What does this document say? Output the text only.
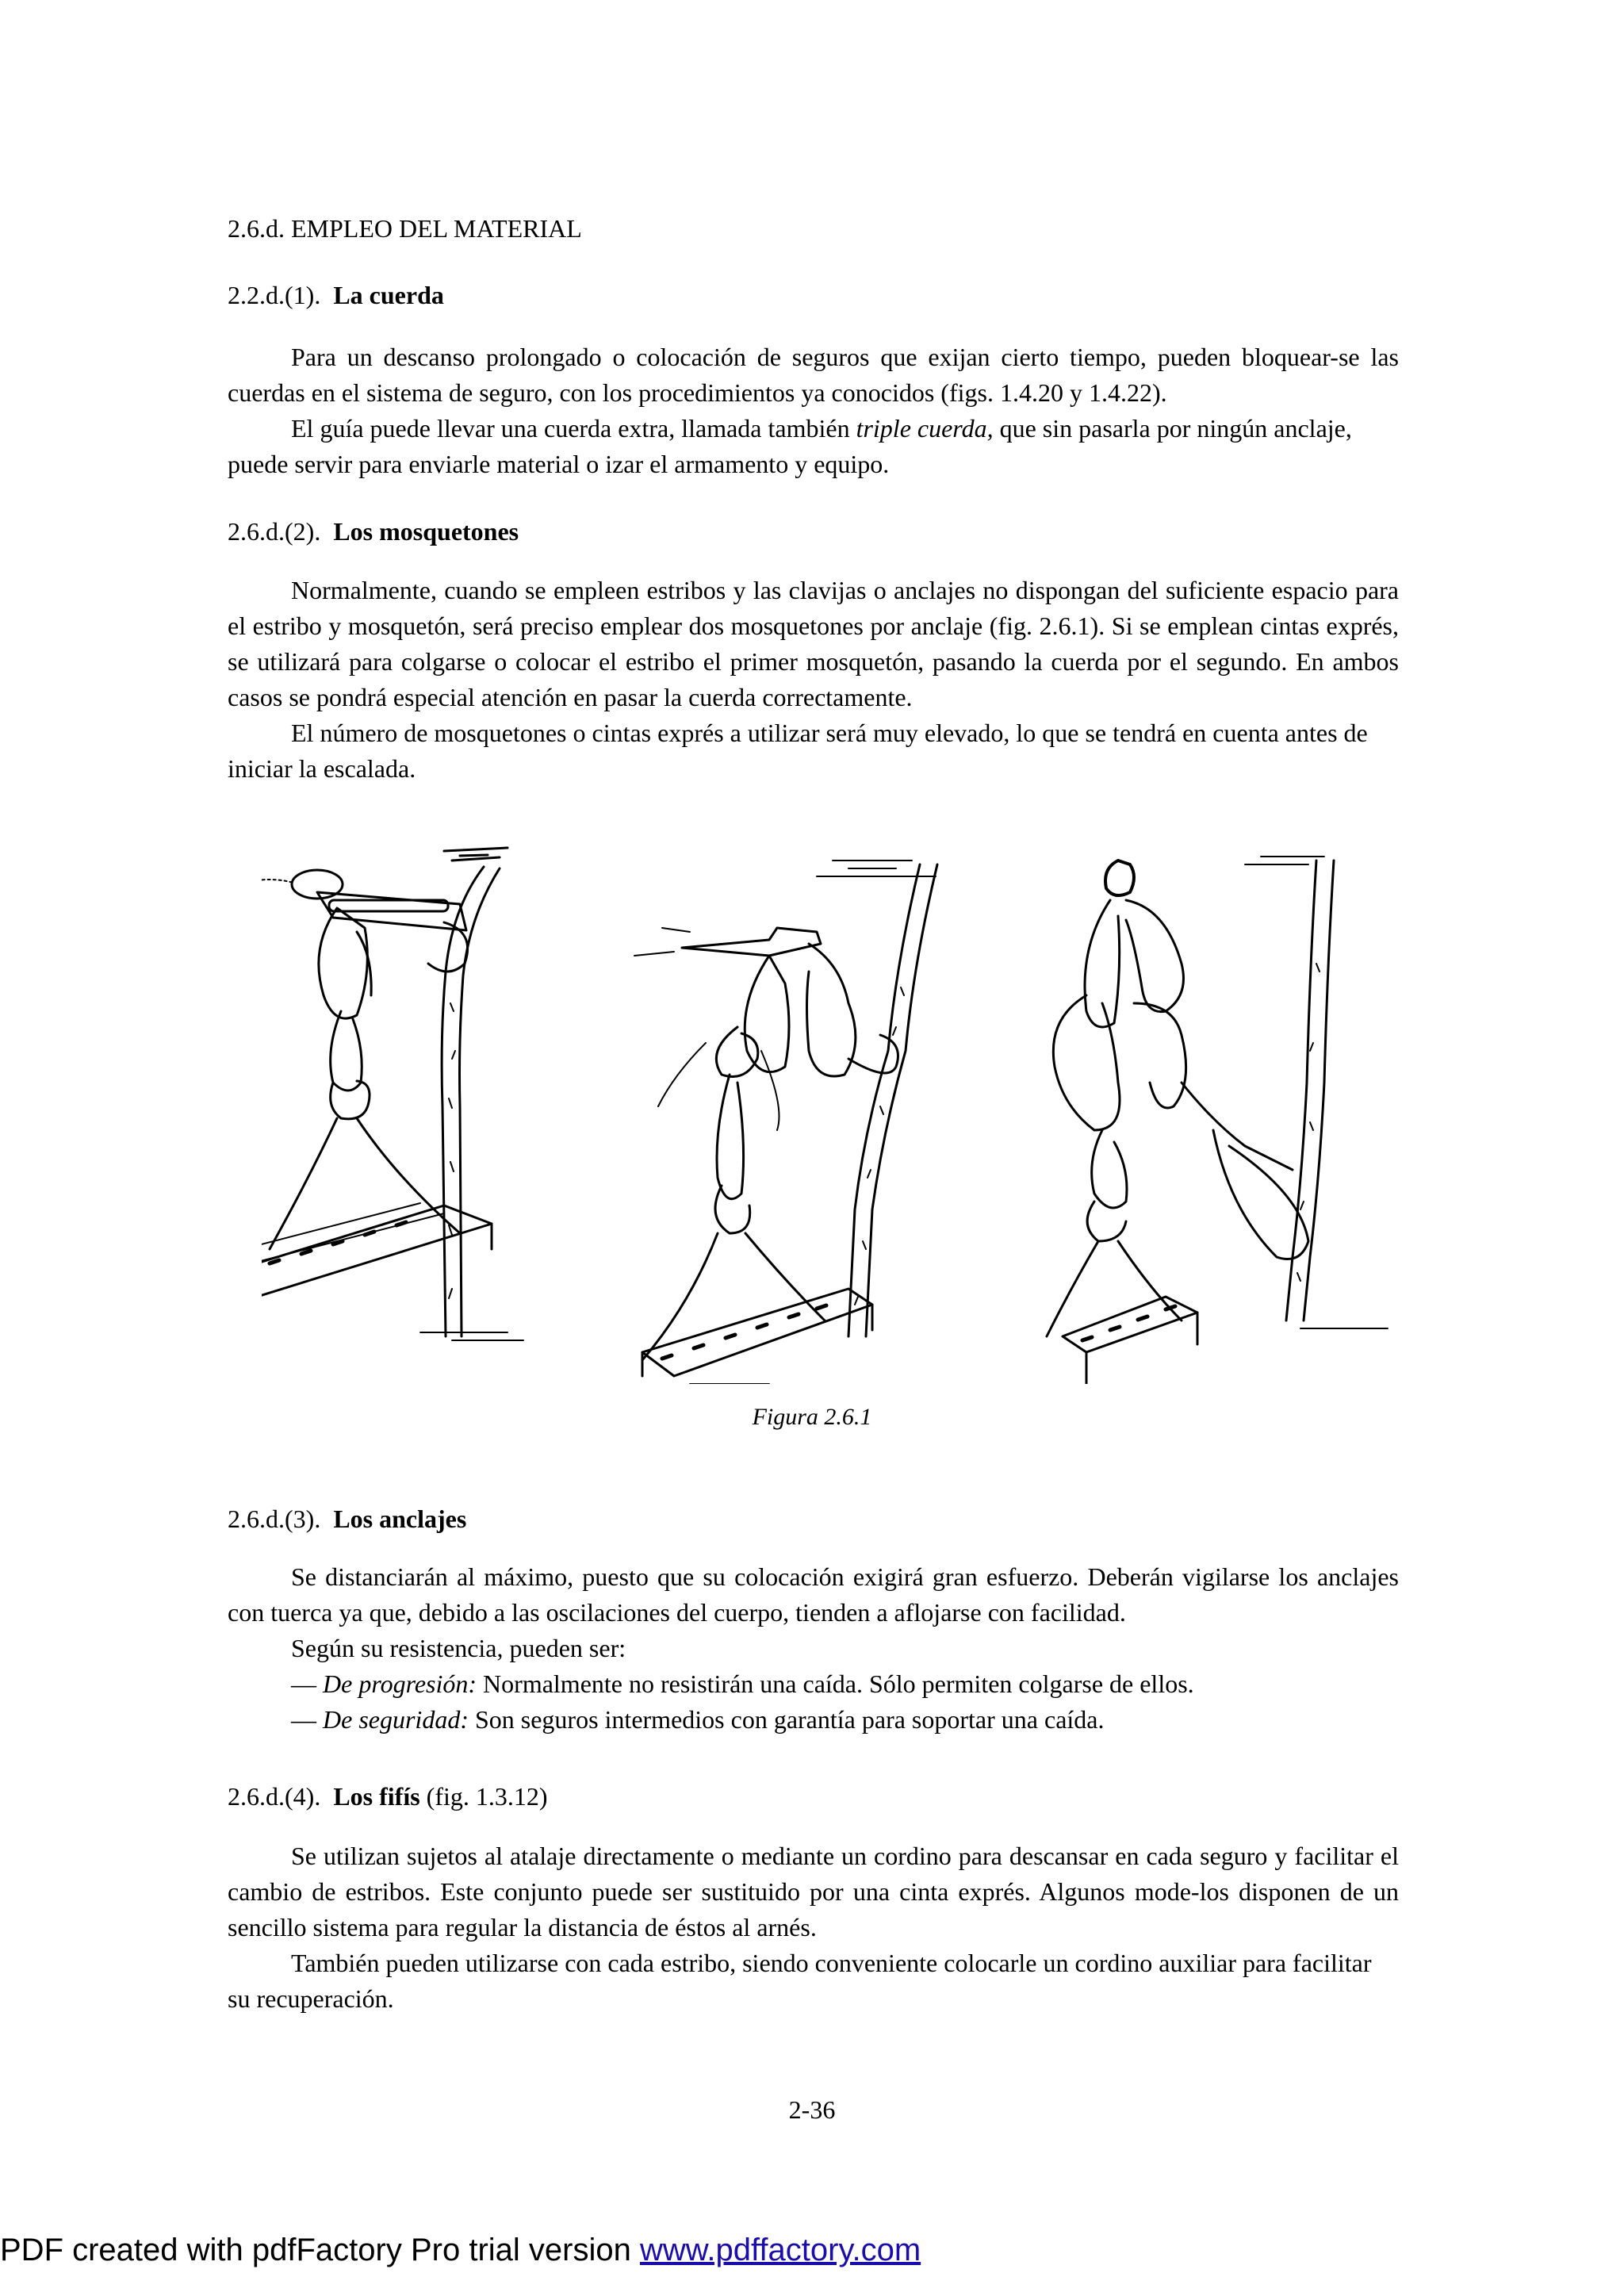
2.6.d. EMPLEO DEL MATERIAL
2.2.d.(1). La cuerda

Para un descanso prolongado o colocación de seguros que exijan cierto tiempo, pueden bloquear-se las cuerdas en el sistema de seguro, con los procedimientos ya conocidos (figs. 1.4.20 y 1.4.22).

El guía puede llevar una cuerda extra, llamada también triple cuerda, que sin pasarla por ningún anclaje, puede servir para enviarle material o izar el armamento y equipo.

2.6.d.(2). Los mosquetones

Normalmente, cuando se empleen estribos y las clavijas o anclajes no dispongan del suficiente espacio para el estribo y mosquetón, será preciso emplear dos mosquetones por anclaje (fig. 2.6.1). Si se emplean cintas exprés, se utilizará para colgarse o colocar el estribo el primer mosquetón, pasando la cuerda por el segundo. En ambos casos se pondrá especial atención en pasar la cuerda correctamente.

El número de mosquetones o cintas exprés a utilizar será muy elevado, lo que se tendrá en cuenta antes de iniciar la escalada.

Figura 2.6.1
2.6.d.(3). Los anclajes

Se distanciarán al máximo, puesto que su colocación exigirá gran esfuerzo. Deberán vigilarse los anclajes con tuerca ya que, debido a las oscilaciones del cuerpo, tienden a aflojarse con facilidad.

Según su resistencia, pueden ser:

— De progresión: Normalmente no resistirán una caída. Sólo permiten colgarse de ellos.
— De seguridad: Son seguros intermedios con garantía para soportar una caída.
2.6.d.(4). Los fifís (fig. 1.3.12)

Se utilizan sujetos al atalaje directamente o mediante un cordino para descansar en cada seguro y facilitar el cambio de estribos. Este conjunto puede ser sustituido por una cinta exprés. Algunos mode-los disponen de un sencillo sistema para regular la distancia de éstos al arnés.

También pueden utilizarse con cada estribo, siendo conveniente colocarle un cordino auxiliar para facilitar su recuperación.

2-36
PDF created with pdfFactory Pro trial version www.pdffactory.com
